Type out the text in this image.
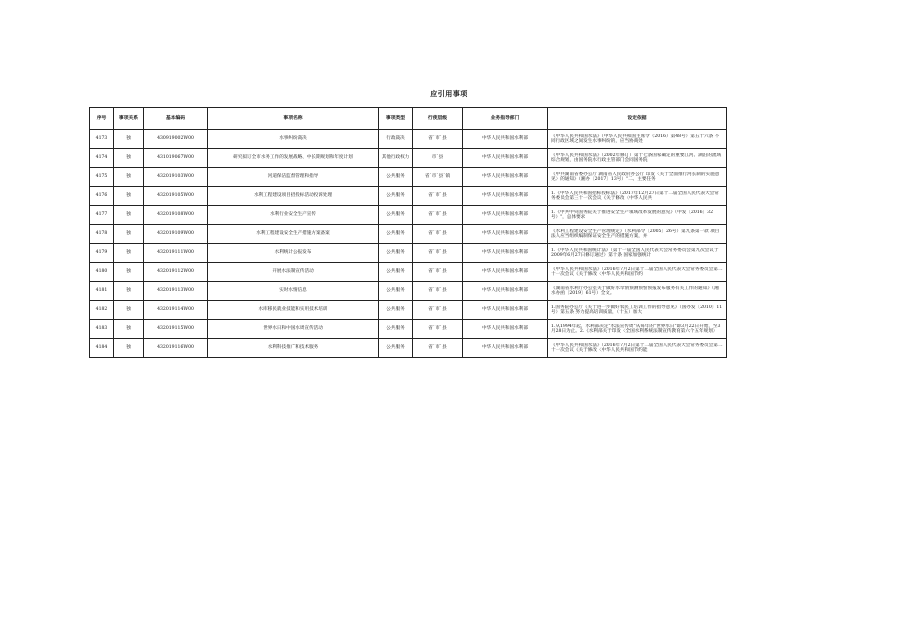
应引用事项
序号	事项关系	基本编码	事项名称	事项类型	行使层级	业务指导部门	设定依据
4173	独	430919002W00	水事纠纷裁决	行政裁决	省`市`县	中华人民共和国水利部	《中华人民共和国水法》（中华人民共和国主席令（2016）第48号）第五十六条 不同行政区域之间发生水事纠纷的，应当协商处

4174	独	431019067W00	研究拟订全市水务工作的发展战略、中长期规划和年度计划	其他行政权力	市`县	中华人民共和国水利部	《中华人民共和国水法》（2002年修订）第十七条国家确定的重要江河、湖泊的流域综合规划，由国务院水行政主管部门会同国务院

4175	独	432019103W00	河道保洁监督管理和指导	公共服务	省`市`县`镇	中华人民共和国水利部	《中共湖南省委办公厅 湖南省人民政府办公厅 印发〈关于全面推行河长制的实施意见〉的通知》（湘办〔2017〕13号）"二、主要任务

4176	独	432019105W00	水利工程建设项目招投标活动投诉处理	公共服务	省`市`县	中华人民共和国水利部	1.《中华人民共和国招标投标法》（2017年12月27日第十二届全国人民代表大会常务委员会第三十一次会议《关于修改〈中华人民共

4177	独	432019108W00	水利行业安全生产宣传	公共服务	省`市`县	中华人民共和国水利部	1.《中共中央国务院关于推进安全生产领域改革发展的意见》（中发〔2016〕32号）"，总体要求

4178	独	432019109W00	水利工程建设安全生产措施方案备案	公共服务	省`市`县	中华人民共和国水利部	《水利工程建设安全生产管理规定》（水利部令〔2005〕26号）第九条第一款 项目法人应当组织编制保证安全生产的措施方案，并

4179	独	432019111W00	水利统计公报发布	公共服务	省`市`县	中华人民共和国水利部	1.《中华人民共和国统计法》（第十一届全国人民代表大会常务委员会第九次会议于2009年6月27日修订通过）第十条 国家加强统计

4180	独	432019112W00	开展水法制宣传活动	公共服务	省`市`县	中华人民共和国水利部	《中华人民共和国水法》（2016年7月2日第十二届全国人民代表大会常务委员会第二十一次会议《关于修改〈中华人民共和国节约

4181	独	432019113W00	实时水情信息	公共服务	省`市`县	中华人民共和国水利部	《湖南省水利厅办公室关于做好水旱情预测预警预报发布服务有关工作的通知》（湘水办函〔2019〕61号）全文。

4182	独	432019114W00	水库移民就业技能和实用技术培训	公共服务	省`市`县	中华人民共和国水利部	1.国务院办公厅《关于进一步做好农民工培训工作的指导意见》（国办发〔2010〕11号）第五条 努力提高培训质量，（十五）加大

4183	独	432019115W00	世界水日和中国水周宣传活动	公共服务	省`市`县	中华人民共和国水利部	1.从1994年起，水利部决定"水法宣传周"从每年的"世界水日"即3月22日开始，至3月28日为止。2.《水利部关于印发〈全国水利系统法制宣传教育第六个五年规划〉

4184	独	432019116W00	水利科技推广和技术服务	公共服务	省`市`县	中华人民共和国水利部	《中华人民共和国水法》（2016年7月2日第十二届全国人民代表大会常务委员会第二十一次会议《关于修改〈中华人民共和国节约能
